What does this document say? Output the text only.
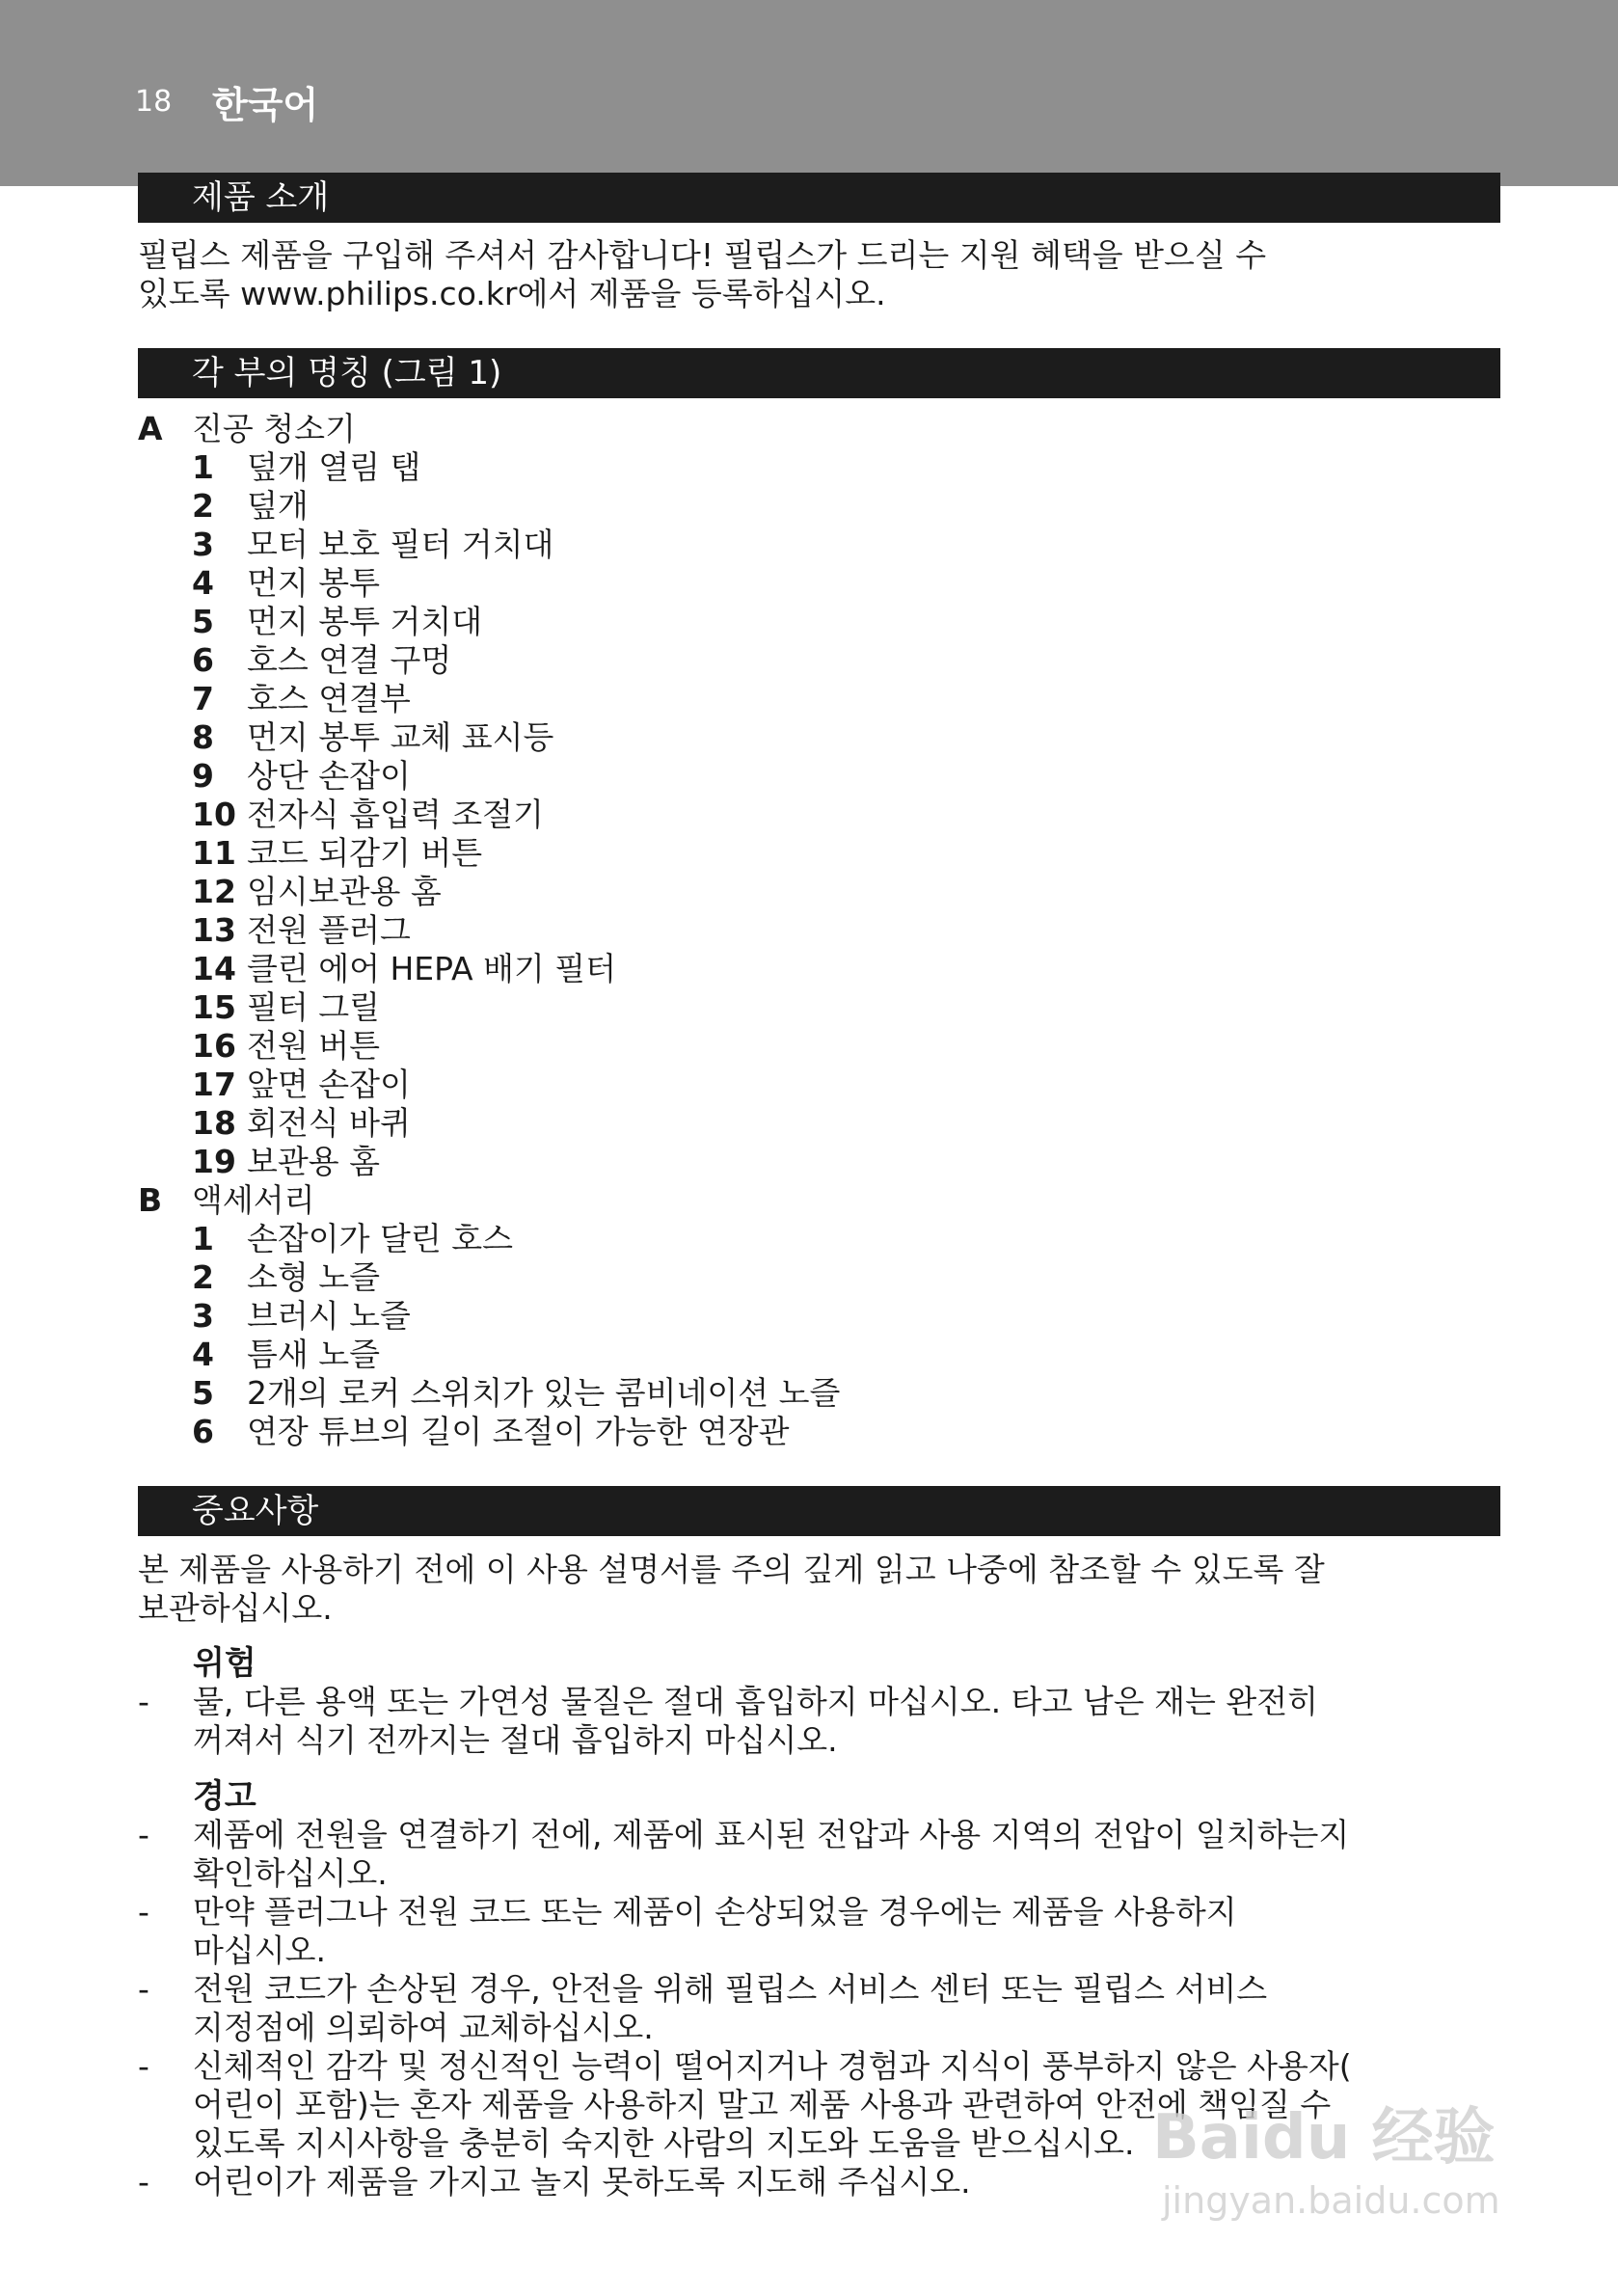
18 한국어
제품 소개
필립스 제품을 구입해 주셔서 감사합니다! 필립스가 드리는 지원 혜택을 받으실 수
있도록 www.philips.co.kr에서 제품을 등록하십시오.
각 부의 명칭 (그림 1)
A 진공 청소기
1 덮개 열림 탭
2 덮개
3 모터 보호 필터 거치대
4 먼지 봉투
5 먼지 봉투 거치대
6 호스 연결 구멍
7 호스 연결부
8 먼지 봉투 교체 표시등
9 상단 손잡이
10 전자식 흡입력 조절기
11 코드 되감기 버튼
12 임시보관용 홈
13 전원 플러그
14 클린 에어 HEPA 배기 필터
15 필터 그릴
16 전원 버튼
17 앞면 손잡이
18 회전식 바퀴
19 보관용 홈
B 액세서리
1 손잡이가 달린 호스
2 소형 노즐
3 브러시 노즐
4 틈새 노즐
5 2개의 로커 스위치가 있는 콤비네이션 노즐
6 연장 튜브의 길이 조절이 가능한 연장관
중요사항
본 제품을 사용하기 전에 이 사용 설명서를 주의 깊게 읽고 나중에 참조할 수 있도록 잘
보관하십시오.
위험
- 물, 다른 용액 또는 가연성 물질은 절대 흡입하지 마십시오. 타고 남은 재는 완전히
꺼져서 식기 전까지는 절대 흡입하지 마십시오.
경고
- 제품에 전원을 연결하기 전에, 제품에 표시된 전압과 사용 지역의 전압이 일치하는지
확인하십시오.
- 만약 플러그나 전원 코드 또는 제품이 손상되었을 경우에는 제품을 사용하지
마십시오.
- 전원 코드가 손상된 경우, 안전을 위해 필립스 서비스 센터 또는 필립스 서비스
지정점에 의뢰하여 교체하십시오.
- 신체적인 감각 및 정신적인 능력이 떨어지거나 경험과 지식이 풍부하지 않은 사용자(
어린이 포함)는 혼자 제품을 사용하지 말고 제품 사용과 관련하여 안전에 책임질 수
있도록 지시사항을 충분히 숙지한 사람의 지도와 도움을 받으십시오.
- 어린이가 제품을 가지고 놀지 못하도록 지도해 주십시오.
Baidu 经验
jingyan.baidu.com
